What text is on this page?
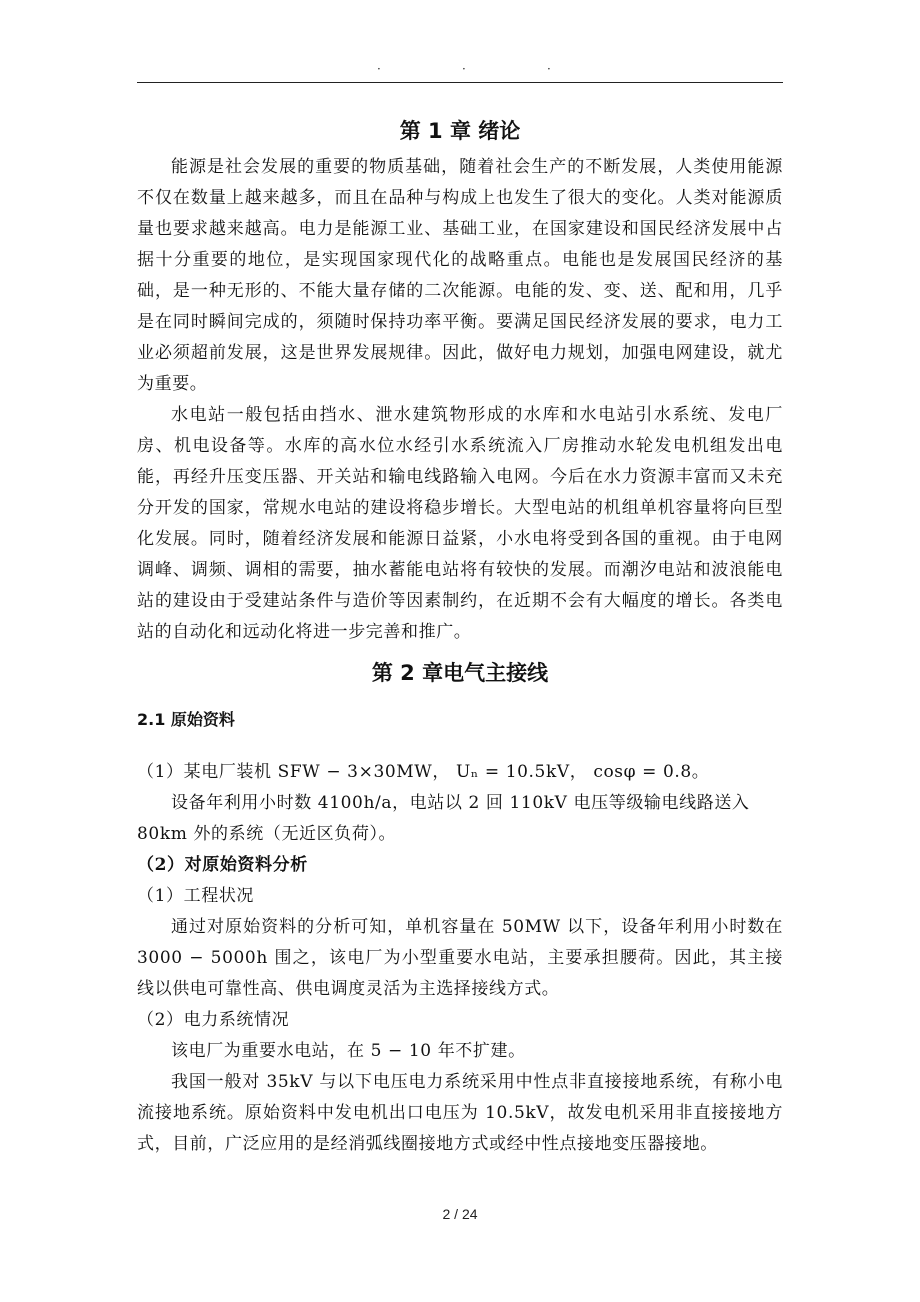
·	·	·
第 1 章 绪论

能源是社会发展的重要的物质基础，随着社会生产的不断发展，人类使用能源不仅在数量上越来越多，而且在品种与构成上也发生了很大的变化。人类对能源质量也要求越来越高。电力是能源工业、基础工业，在国家建设和国民经济发展中占据十分重要的地位，是实现国家现代化的战略重点。电能也是发展国民经济的基础，是一种无形的、不能大量存储的二次能源。电能的发、变、送、配和用，几乎是在同时瞬间完成的，须随时保持功率平衡。要满足国民经济发展的要求，电力工业必须超前发展，这是世界发展规律。因此，做好电力规划，加强电网建设，就尤为重要。

水电站一般包括由挡水、泄水建筑物形成的水库和水电站引水系统、发电厂房、机电设备等。水库的高水位水经引水系统流入厂房推动水轮发电机组发出电能，再经升压变压器、开关站和输电线路输入电网。今后在水力资源丰富而又未充分开发的国家，常规水电站的建设将稳步增长。大型电站的机组单机容量将向巨型化发展。同时，随着经济发展和能源日益紧，小水电将受到各国的重视。由于电网调峰、调频、调相的需要，抽水蓄能电站将有较快的发展。而潮汐电站和波浪能电站的建设由于受建站条件与造价等因素制约，在近期不会有大幅度的增长。各类电站的自动化和远动化将进一步完善和推广。

第 2 章电气主接线
2.1 原始资料

（1）某电厂装机 SFW − 3×30MW， Uₙ = 10.5kV， cosφ = 0.8。

设备年利用小时数 4100h/a，电站以 2 回 110kV 电压等级输电线路送入

80km 外的系统（无近区负荷）。

（2）对原始资料分析

（1）工程状况

通过对原始资料的分析可知，单机容量在 50MW 以下，设备年利用小时数在 3000 − 5000h 围之，该电厂为小型重要水电站，主要承担腰荷。因此，其主接线以供电可靠性高、供电调度灵活为主选择接线方式。

（2）电力系统情况

该电厂为重要水电站，在 5 − 10 年不扩建。

我国一般对 35kV 与以下电压电力系统采用中性点非直接接地系统，有称小电流接地系统。原始资料中发电机出口电压为 10.5kV，故发电机采用非直接接地方式，目前，广泛应用的是经消弧线圈接地方式或经中性点接地变压器接地。

2 / 24
